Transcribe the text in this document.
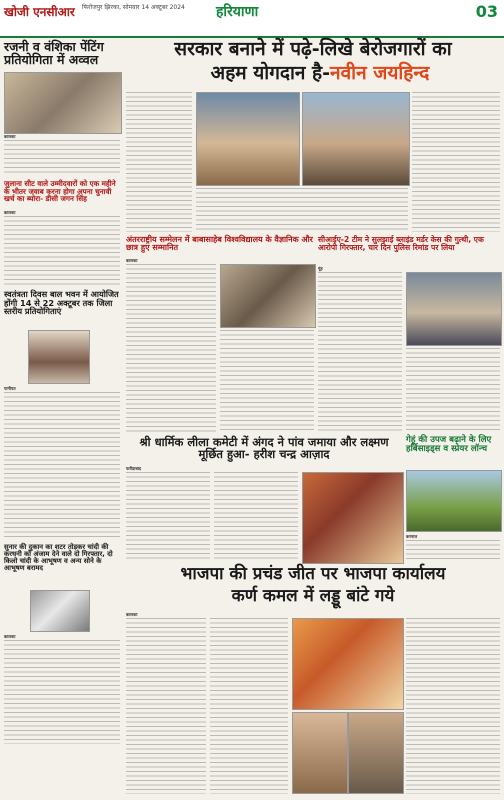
खोजी एनसीआर फिरोजपुर झिरका, सोमवार 14 अक्टूबर 2024	हरियाणा	03
रजनी व वंशिका पेंटिंग प्रतियोगिता में अव्वल
कालका
जुलाना सीट वाले उम्मीदवारों को एक महीने के भीतर जवाब करना होगा अपना चुनावी खर्च का ब्योरा- डीसी जगन सिंह
कालका
स्वतंत्रता दिवस बाल भवन में आयोजित होंगी 14 से 22 अक्टूबर तक जिला स्तरीय प्रतियोगिताएं
पानीपत
सुनार की दुकान का शटर तोड़कर चांदी की करधनी को अंजाम देने वाले दो गिरफ्तार, दो किलो चांदी के आभूषण व अन्य सोने के आभूषण बरामद
कालका
सरकार बनाने में पढ़े-लिखे बेरोजगारों का
अहम योगदान है-नवीन जयहिन्द
अंतरराष्ट्रीय सम्मेलन में बाबासाहेब विश्वविद्यालय के वैज्ञानिक और छात्र हुए सम्मानित
कालका
सीआईए-2 टीम ने सुलझाई ब्लाइंड मर्डर केस की गुत्थी, एक आरोपी गिरफ्तार, चार दिन पुलिस रिमांड पर लिया
नूंह
श्री धार्मिक लीला कमेटी में अंगद ने पांव जमाया और लक्ष्मण मूर्छित हुआ- हरीश चन्द्र आज़ाद
फरीदाबाद
गेहूं की उपज बढ़ाने के लिए हर्बिसाइड्स व स्प्रेयर लॉन्च
करनाल
भाजपा की प्रचंड जीत पर भाजपा कार्यालय
कर्ण कमल में लड्डू बांटे गये
कालका
